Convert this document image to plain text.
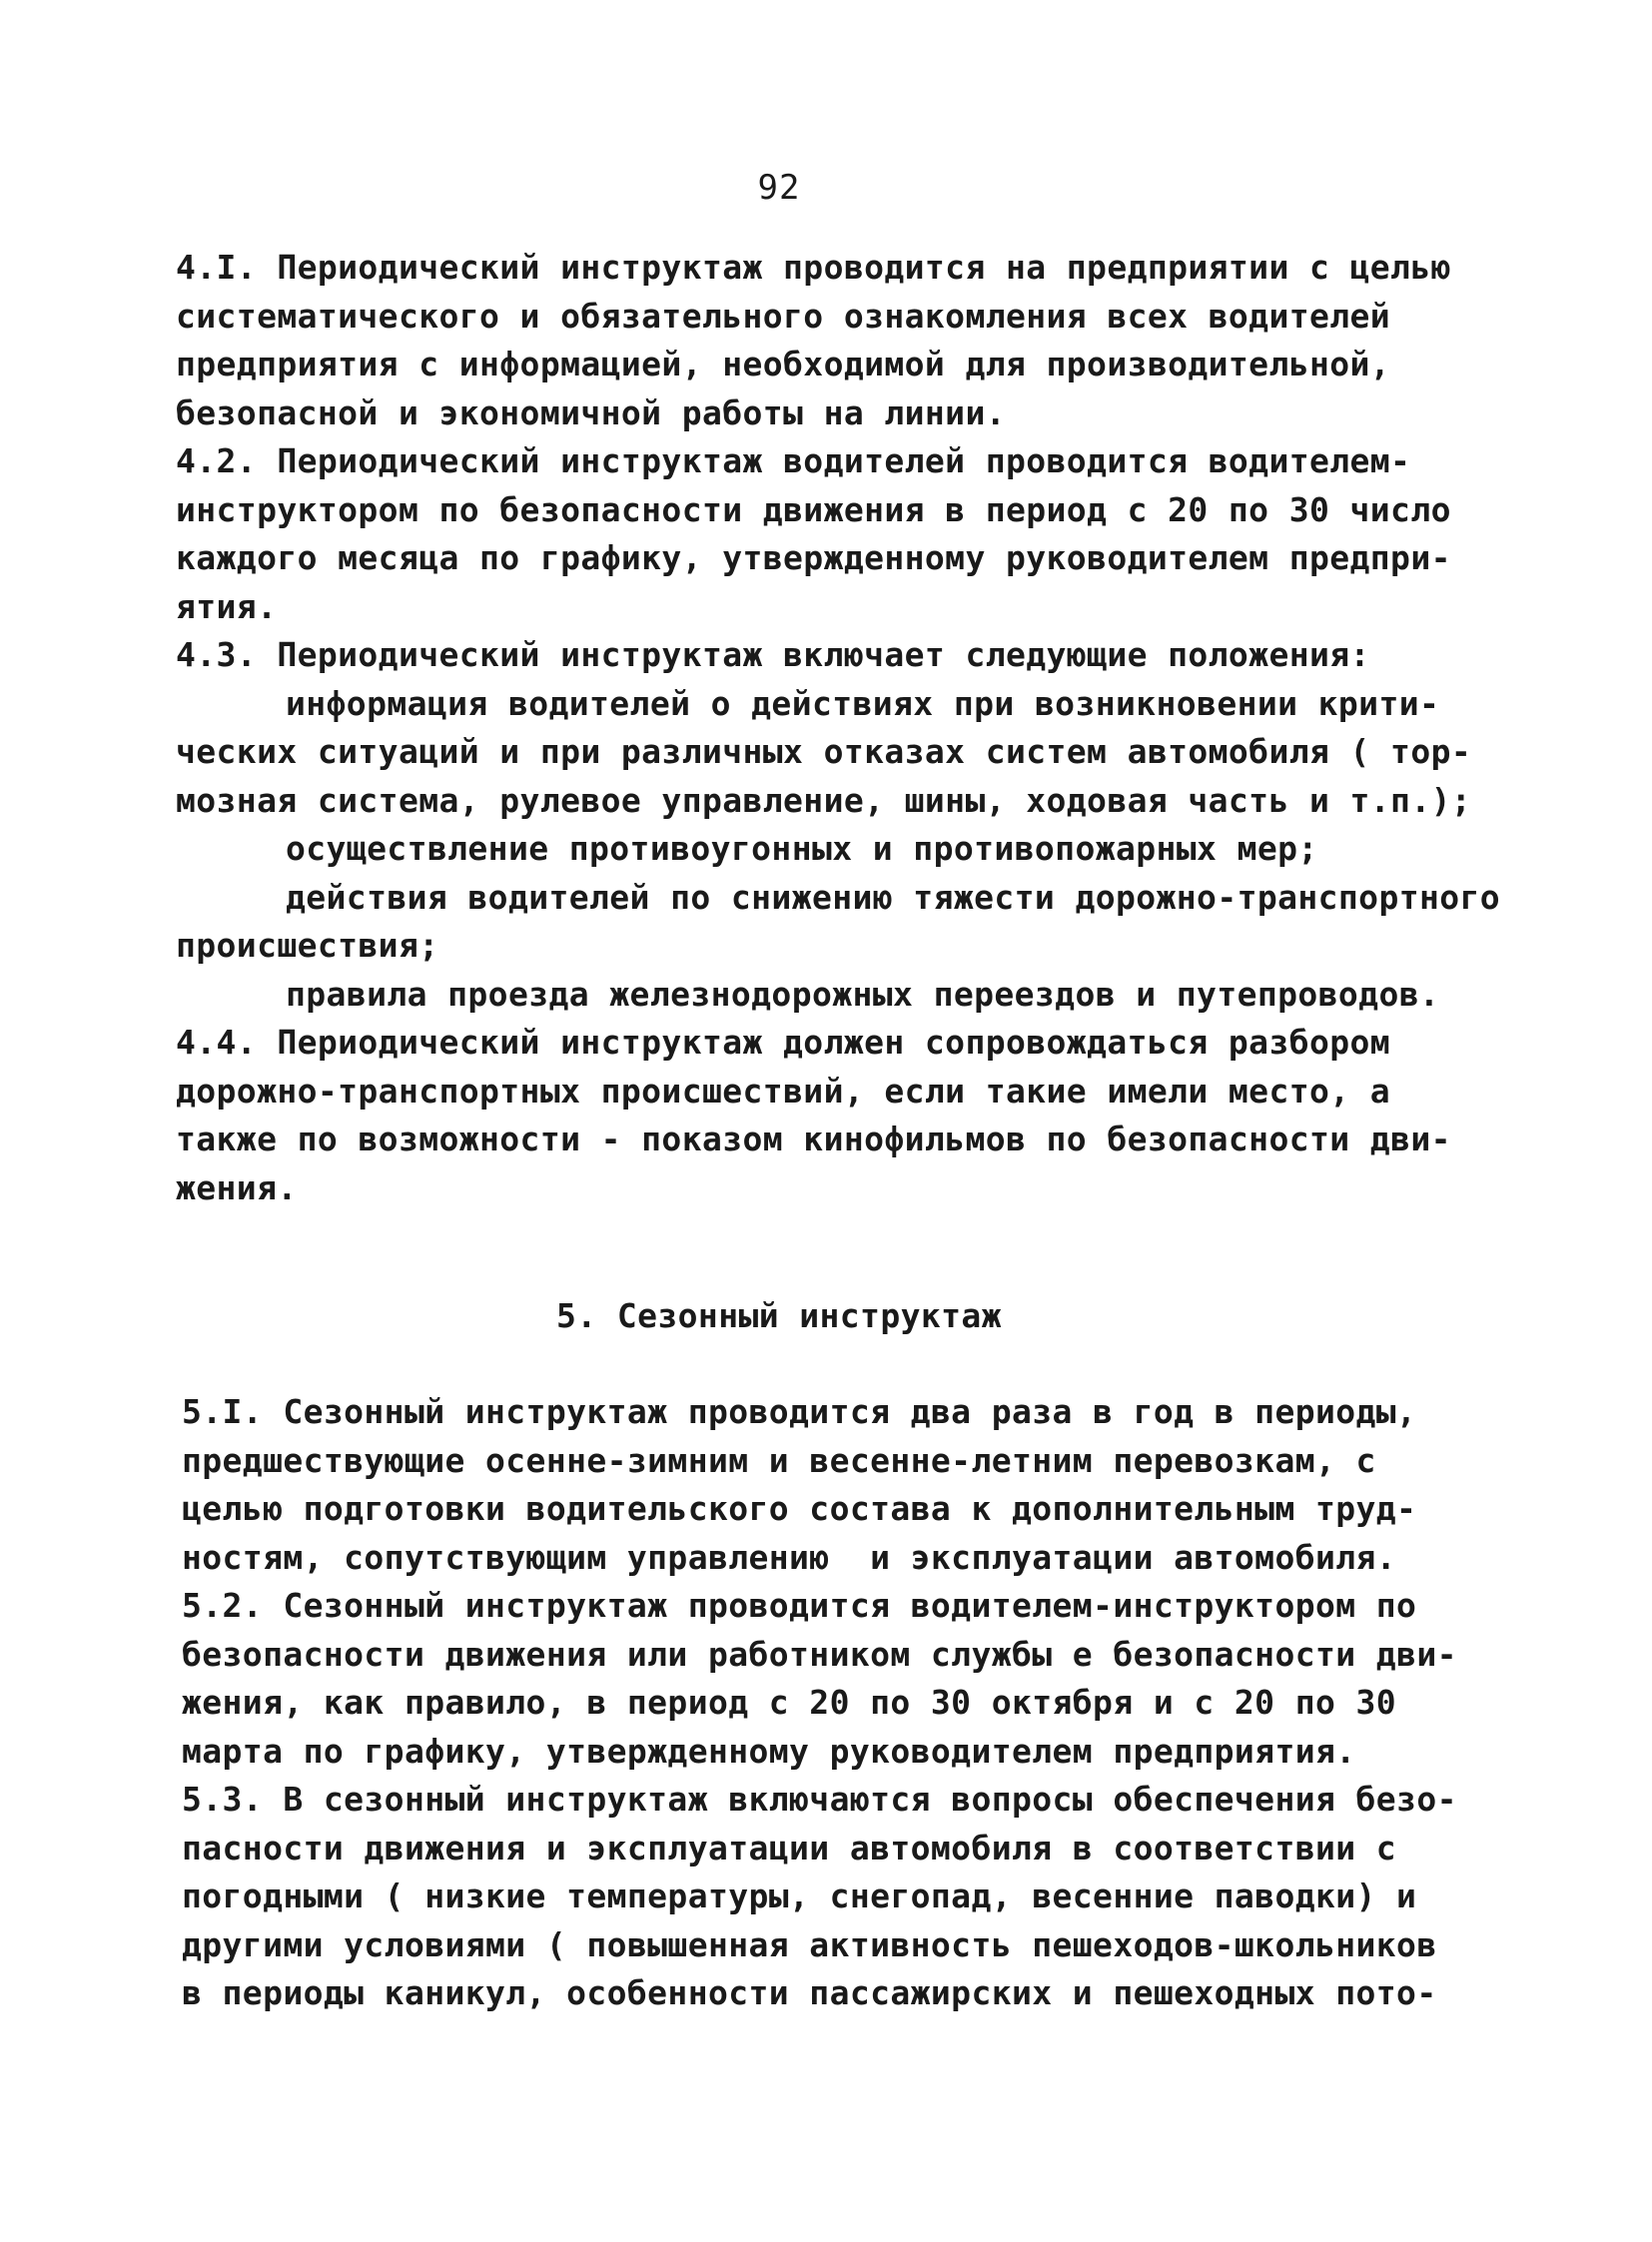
92
4.I. Периодический инструктаж проводится на предприятии с целью
систематического и обязательного ознакомления всех водителей
предприятия с информацией, необходимой для производительной,
безопасной и экономичной работы на линии.
4.2. Периодический инструктаж водителей проводится водителем-
инструктором по безопасности движения в период с 20 по 30 число
каждого месяца по графику, утвержденному руководителем предпри-
ятия.
4.3. Периодический инструктаж включает следующие положения:
информация водителей о действиях при возникновении крити-
ческих ситуаций и при различных отказах систем автомобиля ( тор-
мозная система, рулевое управление, шины, ходовая часть и т.п.);
осуществление противоугонных и противопожарных мер;
действия водителей по снижению тяжести дорожно-транспортного
происшествия;
правила проезда железнодорожных переездов и путепроводов.
4.4. Периодический инструктаж должен сопровождаться разбором
дорожно-транспортных происшествий, если такие имели место, а
также по возможности - показом кинофильмов по безопасности дви-
жения.
5. Сезонный инструктаж
5.I. Сезонный инструктаж проводится два раза в год в периоды,
предшествующие осенне-зимним и весенне-летним перевозкам, с
целью подготовки водительского состава к дополнительным труд-
ностям, сопутствующим управлению  и эксплуатации автомобиля.
5.2. Сезонный инструктаж проводится водителем-инструктором по
безопасности движения или работником службы е безопасности дви-
жения, как правило, в период с 20 по 30 октября и с 20 по 30
марта по графику, утвержденному руководителем предприятия.
5.3. В сезонный инструктаж включаются вопросы обеспечения безо-
пасности движения и эксплуатации автомобиля в соответствии с
погодными ( низкие температуры, снегопад, весенние паводки) и
другими условиями ( повышенная активность пешеходов-школьников
в периоды каникул, особенности пассажирских и пешеходных пото-
